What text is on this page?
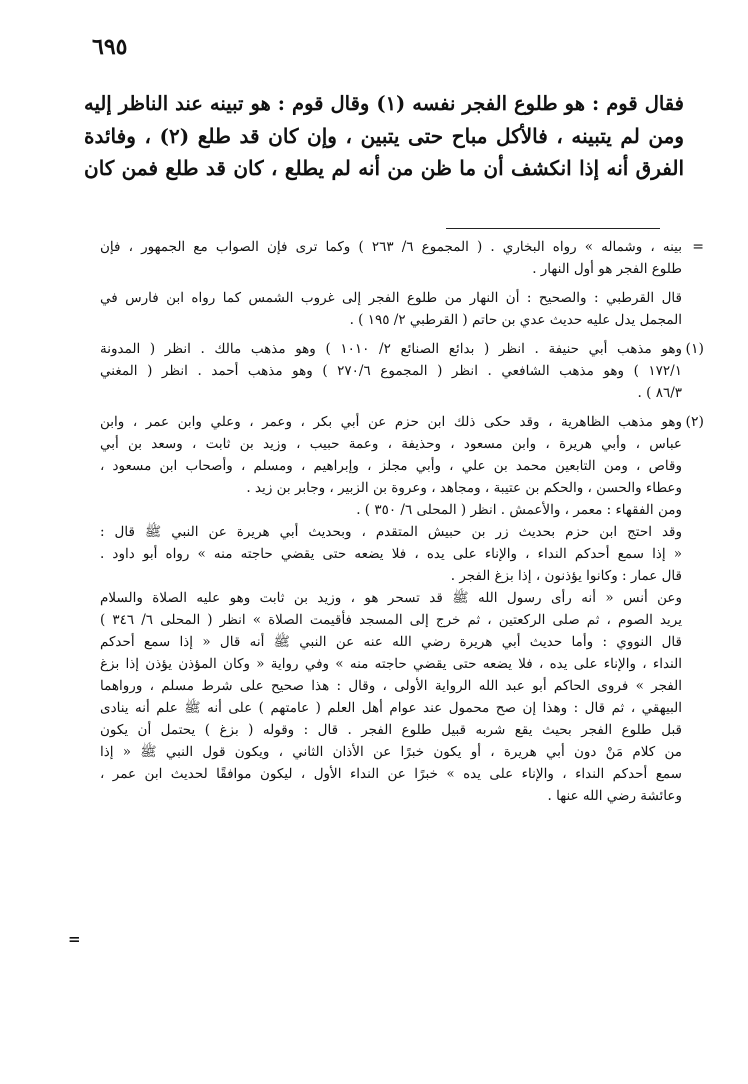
٦٩٥
فقال قوم : هو طلوع الفجر نفسه (١) وقال قوم : هو تبينه عند الناظر إليه
ومن لم يتبينه ، فالأكل مباح حتى يتبين ، وإن كان قد طلع (٢) ، وفائدة
الفرق أنه إذا انكشف أن ما ظن من أنه لم يطلع ، كان قد طلع فمن كان
=
بينه ، وشماله » رواه البخاري . ( المجموع ٦/ ٢٦٣ ) وكما ترى فإن الصواب مع الجمهور ، فإن
طلوع الفجر هو أول النهار .
قال القرطبي : والصحيح : أن النهار من طلوع الفجر إلى غروب الشمس كما رواه ابن فارس في
المجمل يدل عليه حديث عدي بن حاتم ( القرطبي ٢/ ١٩٥ ) .
(١)
وهو مذهب أبي حنيفة . انظر ( بدائع الصنائع ٢/ ١٠١٠ ) وهو مذهب مالك . انظر ( المدونة
١٧٢/١ ) وهو مذهب الشافعي . انظر ( المجموع ٢٧٠/٦ ) وهو مذهب أحمد . انظر ( المغني
٨٦/٣ ) .
(٢)
وهو مذهب الظاهرية ، وقد حكى ذلك ابن حزم عن أبي بكر ، وعمر ، وعلي وابن عمر ، وابن
عباس ، وأبي هريرة ، وابن مسعود ، وحذيفة ، وعمة حبيب ، وزيد بن ثابت ، وسعد بن أبي
وقاص ، ومن التابعين محمد بن علي ، وأبي مجلز ، وإبراهيم ، ومسلم ، وأصحاب ابن مسعود ،
وعطاء والحسن ، والحكم بن عتيبة ، ومجاهد ، وعروة بن الزبير ، وجابر بن زيد .
ومن الفقهاء : معمر ، والأعمش . انظر ( المحلى ٦/ ٣٥٠ ) .
وقد احتج ابن حزم بحديث زر بن حبيش المتقدم ، وبحديث أبي هريرة عن النبي ﷺ قال :
« إذا سمع أحدكم النداء ، والإناء على يده ، فلا يضعه حتى يقضي حاجته منه » رواه أبو داود .
قال عمار : وكانوا يؤذنون ، إذا بزغ الفجر .
وعن أنس « أنه رأى رسول الله ﷺ قد تسحر هو ، وزيد بن ثابت وهو عليه الصلاة والسلام
يريد الصوم ، ثم صلى الركعتين ، ثم خرج إلى المسجد فأقيمت الصلاة » انظر ( المحلى ٦/ ٣٤٦ )
قال النووي : وأما حديث أبي هريرة رضي الله عنه عن النبي ﷺ أنه قال « إذا سمع أحدكم
النداء ، والإناء على يده ، فلا يضعه حتى يقضي حاجته منه » وفي رواية « وكان المؤذن يؤذن إذا بزغ
الفجر » فروى الحاكم أبو عبد الله الرواية الأولى ، وقال : هذا صحيح على شرط مسلم ، ورواهما
البيهقي ، ثم قال : وهذا إن صح محمول عند عوام أهل العلم ( عامتهم ) على أنه ﷺ علم أنه ينادى
قبل طلوع الفجر بحيث يقع شربه قبيل طلوع الفجر . قال : وقوله ( بزغ ) يحتمل أن يكون
من كلام مَنْ دون أبي هريرة ، أو يكون خبرًا عن الأذان الثاني ، ويكون قول النبي ﷺ « إذا
سمع أحدكم النداء ، والإناء على يده » خبرًا عن النداء الأول ، ليكون موافقًا لحديث ابن عمر ،
وعائشة رضي الله عنها .
=
